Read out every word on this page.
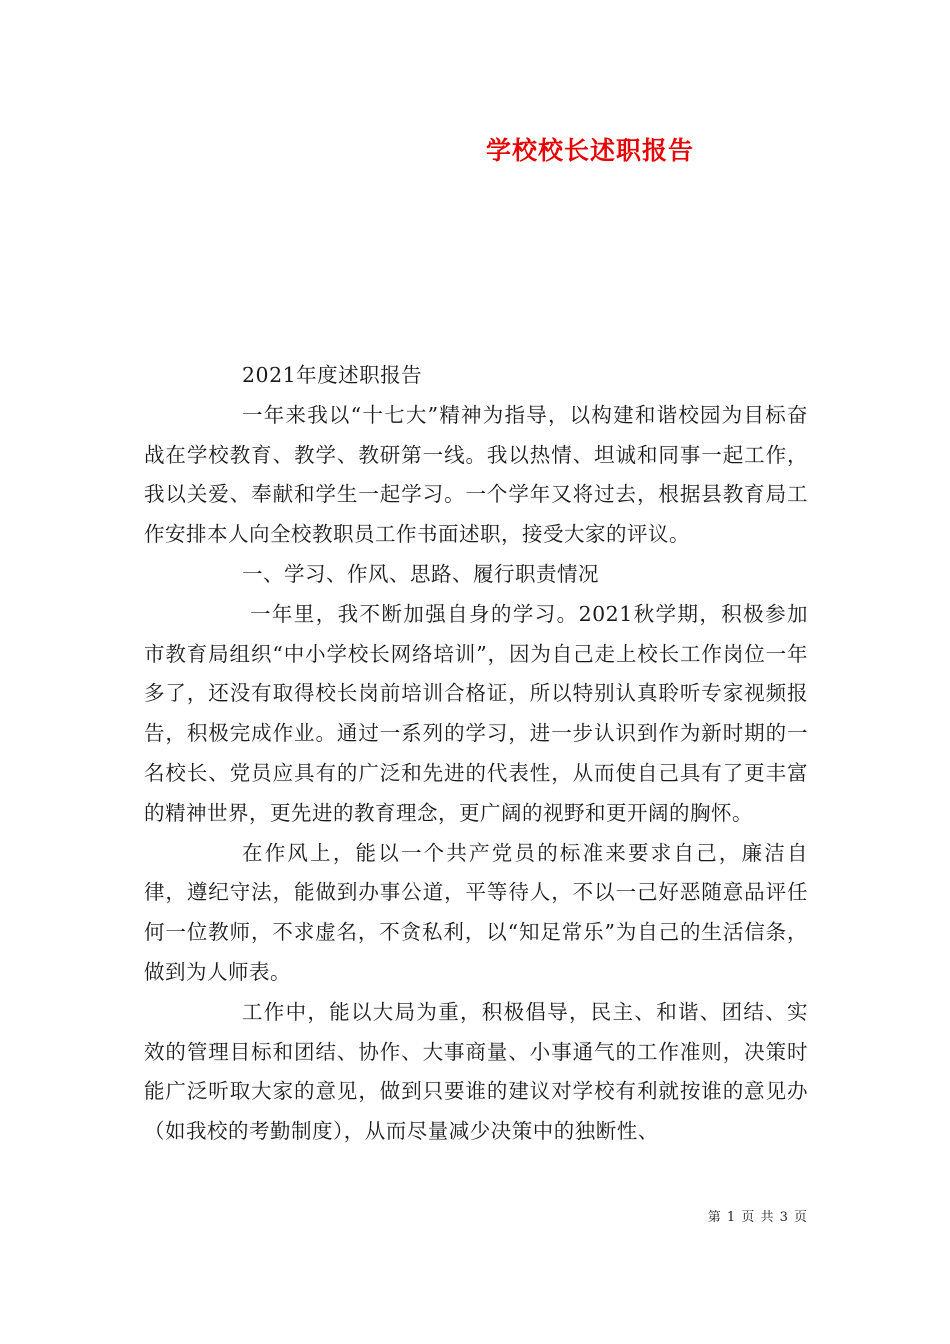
学校校长述职报告

2021年度述职报告

一年来我以“十七大”精神为指导，以构建和谐校园为目标奋战在学校教育、教学、教研第一线。我以热情、坦诚和同事一起工作，我以关爱、奉献和学生一起学习。一个学年又将过去，根据县教育局工作安排本人向全校教职员工作书面述职，接受大家的评议。

一、学习、作风、思路、履行职责情况

一年里，我不断加强自身的学习。2021秋学期，积极参加市教育局组织“中小学校长网络培训”，因为自己走上校长工作岗位一年多了，还没有取得校长岗前培训合格证，所以特别认真聆听专家视频报告，积极完成作业。通过一系列的学习，进一步认识到作为新时期的一名校长、党员应具有的广泛和先进的代表性，从而使自己具有了更丰富的精神世界，更先进的教育理念，更广阔的视野和更开阔的胸怀。

在作风上，能以一个共产党员的标准来要求自己，廉洁自律，遵纪守法，能做到办事公道，平等待人，不以一己好恶随意品评任何一位教师，不求虚名，不贪私利，以“知足常乐”为自己的生活信条，做到为人师表。

工作中，能以大局为重，积极倡导，民主、和谐、团结、实效的管理目标和团结、协作、大事商量、小事通气的工作准则，决策时能广泛听取大家的意见，做到只要谁的建议对学校有利就按谁的意见办（如我校的考勤制度），从而尽量减少决策中的独断性、

第 1 页 共 3 页
